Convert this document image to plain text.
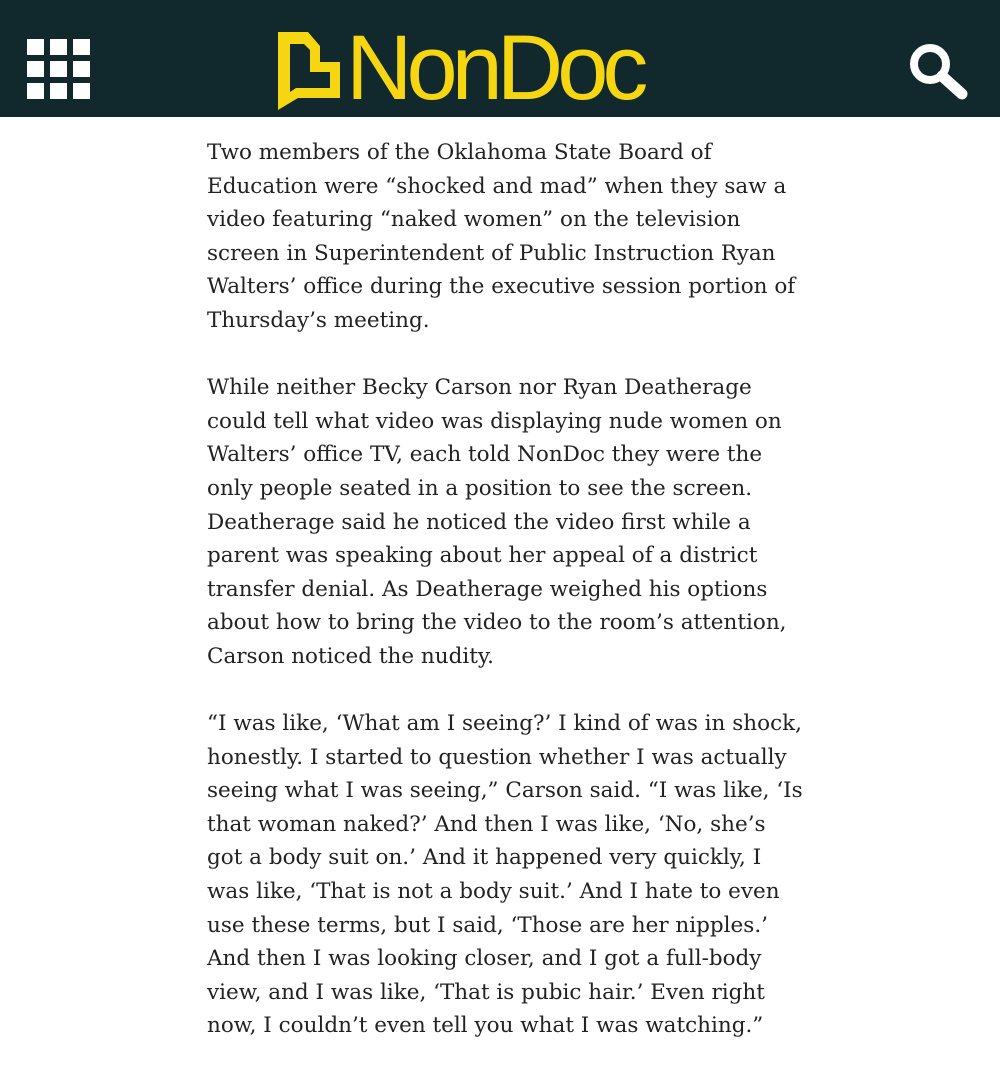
NonDoc

Two members of the Oklahoma State Board of Education were “shocked and mad” when they saw a video featuring “naked women” on the television screen in Superintendent of Public Instruction Ryan Walters’ office during the executive session portion of Thursday’s meeting.

While neither Becky Carson nor Ryan Deatherage could tell what video was displaying nude women on Walters’ office TV, each told NonDoc they were the only people seated in a position to see the screen. Deatherage said he noticed the video first while a parent was speaking about her appeal of a district transfer denial. As Deatherage weighed his options about how to bring the video to the room’s attention, Carson noticed the nudity.

“I was like, ‘What am I seeing?’ I kind of was in shock, honestly. I started to question whether I was actually seeing what I was seeing,” Carson said. “I was like, ‘Is that woman naked?’ And then I was like, ‘No, she’s got a body suit on.’ And it happened very quickly, I was like, ‘That is not a body suit.’ And I hate to even use these terms, but I said, ‘Those are her nipples.’ And then I was looking closer, and I got a full-body view, and I was like, ‘That is pubic hair.’ Even right now, I couldn’t even tell you what I was watching.”
